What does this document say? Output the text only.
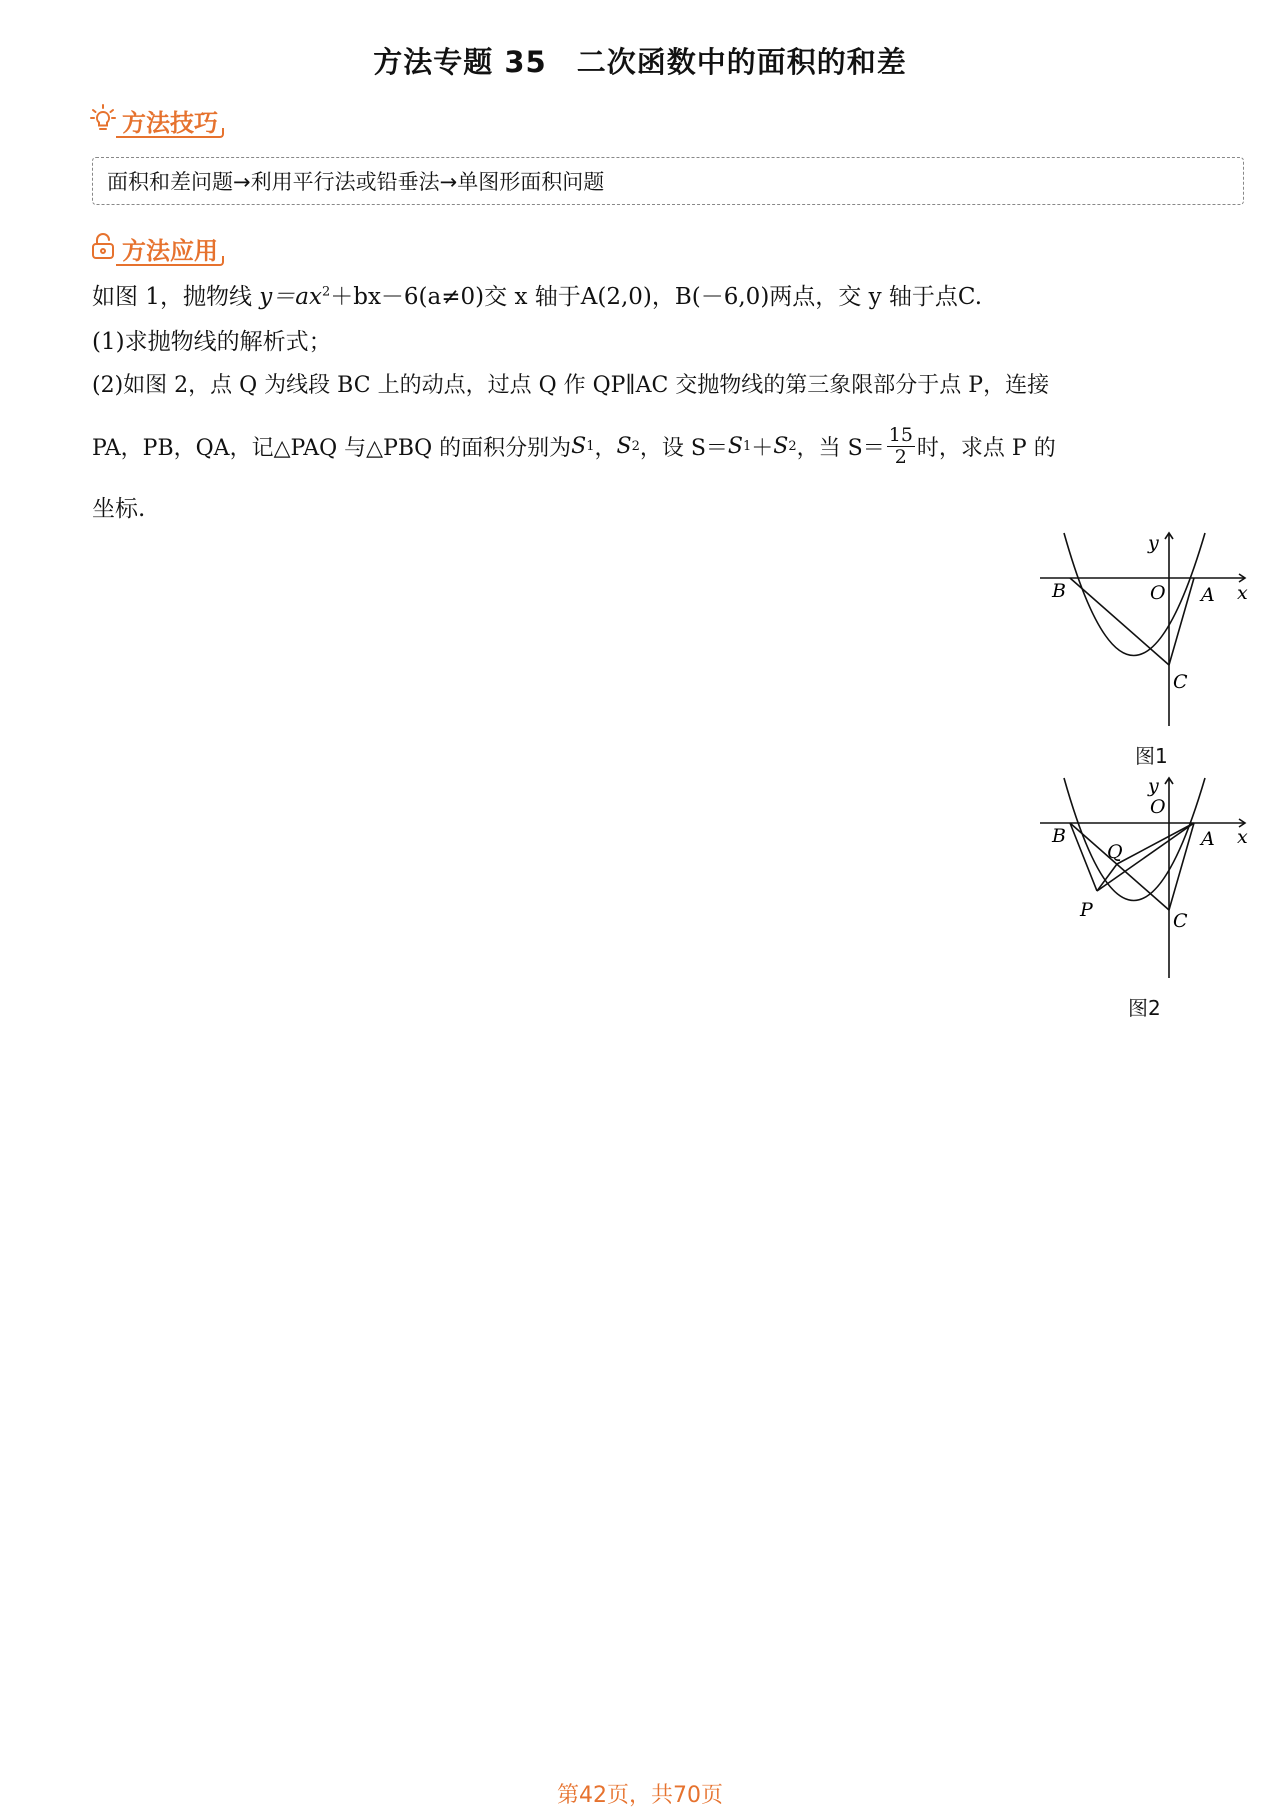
方法专题 35　二次函数中的面积的和差
方法技巧
面积和差问题→利用平行法或铅垂法→单图形面积问题
方法应用
如图 1，抛物线 $y=ax^2+bx-6(a\ne 0)$交 x 轴于A(2,0)，B(－6,0)两点，交 y 轴于点C.
(1)求抛物线的解析式；
(2)如图 2，点 Q 为线段 BC 上的动点，过点 Q 作 QP∥AC 交抛物线的第三象限部分于点 P，连接
PA，PB，QA，记△PAQ 与△PBQ 的面积分别为 S 1 ， S 2 ，设 S＝ S 1 ＋ S 2 ，当 $S= \frac{15}{2}$ 时，求点 P 的
坐标.
y
x
O A
B
C
图1
y
x
O
A
B
C
Q
P
图2
第42页，共70页
